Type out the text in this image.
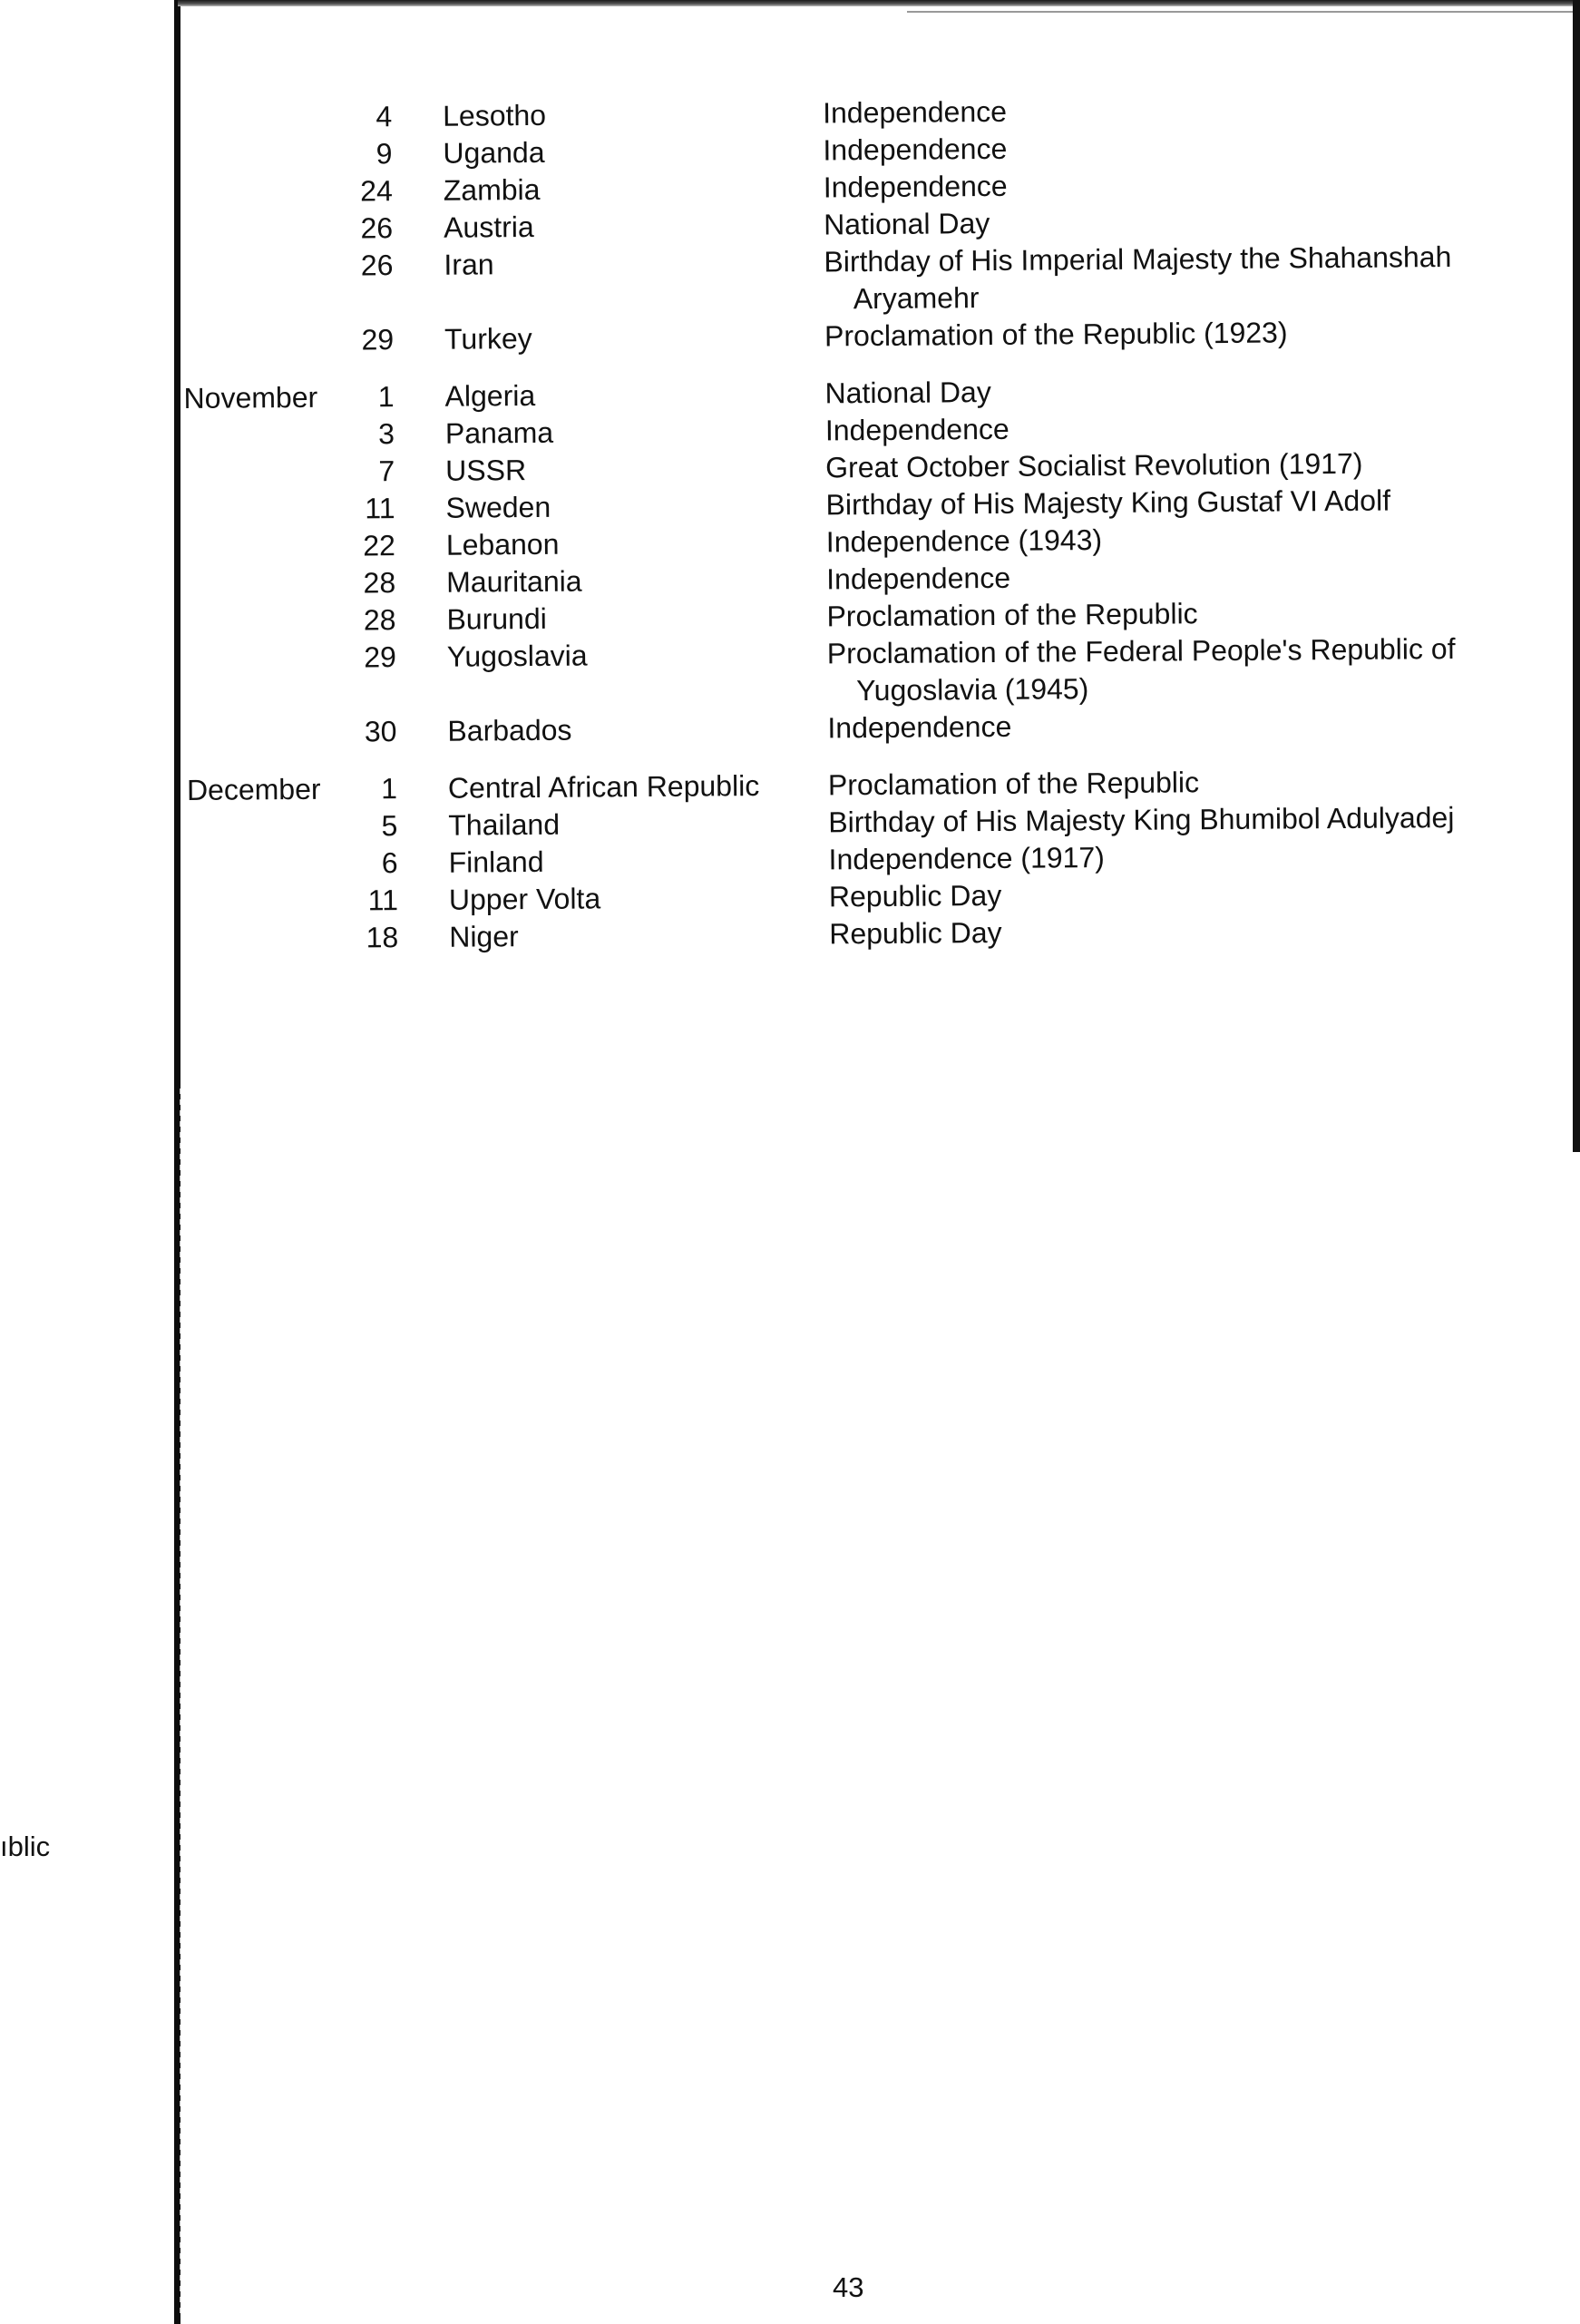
ıblic
4	Lesotho	Independence
9	Uganda	Independence
24	Zambia	Independence
26	Austria	National Day
26	Iran	Birthday of His Imperial Majesty the Shahanshah Aryamehr
29	Turkey	Proclamation of the Republic (1923)
November	1	Algeria	National Day
3	Panama	Independence
7	USSR	Great October Socialist Revolution (1917)
11	Sweden	Birthday of His Majesty King Gustaf VI Adolf
22	Lebanon	Independence (1943)
28	Mauritania	Independence
28	Burundi	Proclamation of the Republic
29	Yugoslavia	Proclamation of the Federal People's Republic of Yugoslavia (1945)
30	Barbados	Independence
December	1	Central African Republic	Proclamation of the Republic
5	Thailand	Birthday of His Majesty King Bhumibol Adulyadej
6	Finland	Independence (1917)
11	Upper Volta	Republic Day
18	Niger	Republic Day
43
